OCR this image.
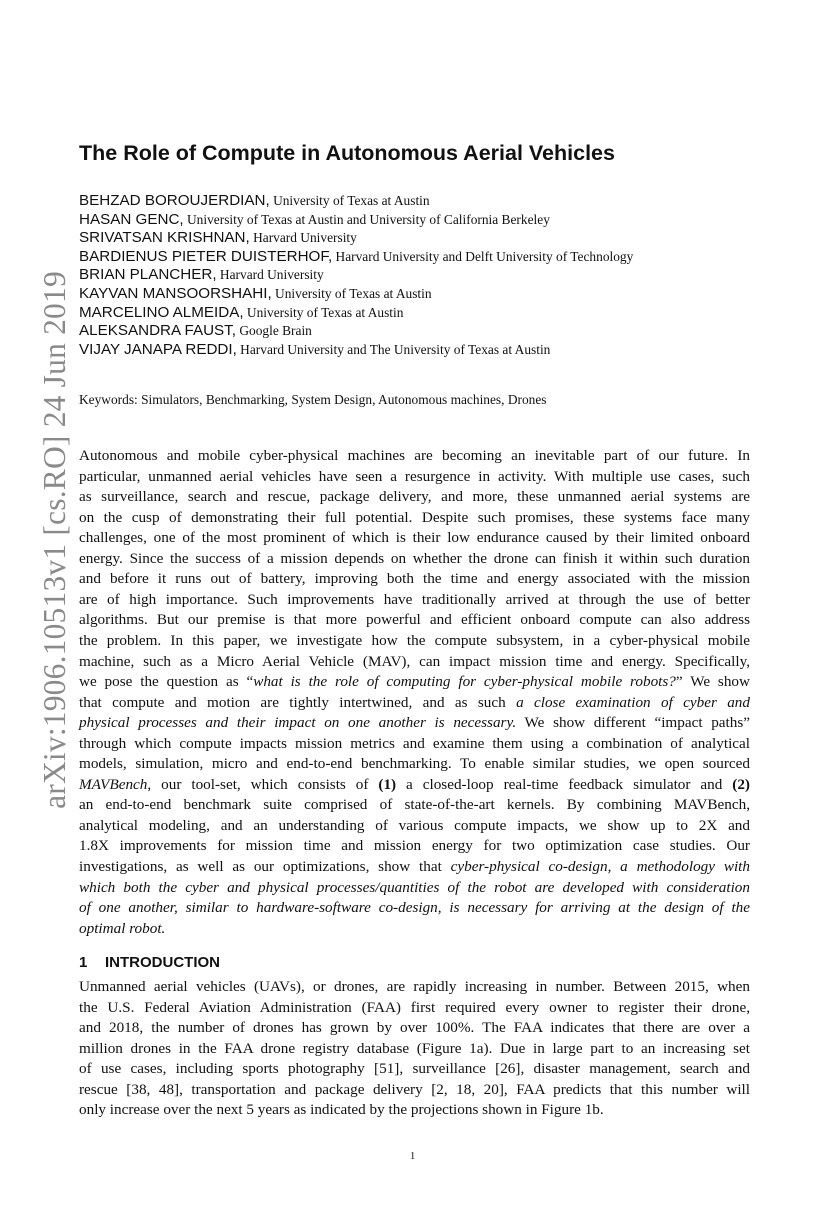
arXiv:1906.10513v1 [cs.RO] 24 Jun 2019
The Role of Compute in Autonomous Aerial Vehicles
BEHZAD BOROUJERDIAN, University of Texas at Austin
HASAN GENC, University of Texas at Austin and University of California Berkeley
SRIVATSAN KRISHNAN, Harvard University
BARDIENUS PIETER DUISTERHOF, Harvard University and Delft University of Technology
BRIAN PLANCHER, Harvard University
KAYVAN MANSOORSHAHI, University of Texas at Austin
MARCELINO ALMEIDA, University of Texas at Austin
ALEKSANDRA FAUST, Google Brain
VIJAY JANAPA REDDI, Harvard University and The University of Texas at Austin
Keywords: Simulators, Benchmarking, System Design, Autonomous machines, Drones
Autonomous and mobile cyber-physical machines are becoming an inevitable part of our future. In
particular, unmanned aerial vehicles have seen a resurgence in activity. With multiple use cases, such
as surveillance, search and rescue, package delivery, and more, these unmanned aerial systems are
on the cusp of demonstrating their full potential. Despite such promises, these systems face many
challenges, one of the most prominent of which is their low endurance caused by their limited onboard
energy. Since the success of a mission depends on whether the drone can finish it within such duration
and before it runs out of battery, improving both the time and energy associated with the mission
are of high importance. Such improvements have traditionally arrived at through the use of better
algorithms. But our premise is that more powerful and efficient onboard compute can also address
the problem. In this paper, we investigate how the compute subsystem, in a cyber-physical mobile
machine, such as a Micro Aerial Vehicle (MAV), can impact mission time and energy. Specifically,
we pose the question as “what is the role of computing for cyber-physical mobile robots?” We show
that compute and motion are tightly intertwined, and as such a close examination of cyber and
physical processes and their impact on one another is necessary. We show different “impact paths”
through which compute impacts mission metrics and examine them using a combination of analytical
models, simulation, micro and end-to-end benchmarking. To enable similar studies, we open sourced
MAVBench, our tool-set, which consists of (1) a closed-loop real-time feedback simulator and (2)
an end-to-end benchmark suite comprised of state-of-the-art kernels. By combining MAVBench,
analytical modeling, and an understanding of various compute impacts, we show up to 2X and
1.8X improvements for mission time and mission energy for two optimization case studies. Our
investigations, as well as our optimizations, show that cyber-physical co-design, a methodology with
which both the cyber and physical processes/quantities of the robot are developed with consideration
of one another, similar to hardware-software co-design, is necessary for arriving at the design of the
optimal robot.
1 INTRODUCTION
Unmanned aerial vehicles (UAVs), or drones, are rapidly increasing in number. Between 2015, when
the U.S. Federal Aviation Administration (FAA) first required every owner to register their drone,
and 2018, the number of drones has grown by over 100%. The FAA indicates that there are over a
million drones in the FAA drone registry database (Figure 1a). Due in large part to an increasing set
of use cases, including sports photography [51], surveillance [26], disaster management, search and
rescue [38, 48], transportation and package delivery [2, 18, 20], FAA predicts that this number will
only increase over the next 5 years as indicated by the projections shown in Figure 1b.
1
